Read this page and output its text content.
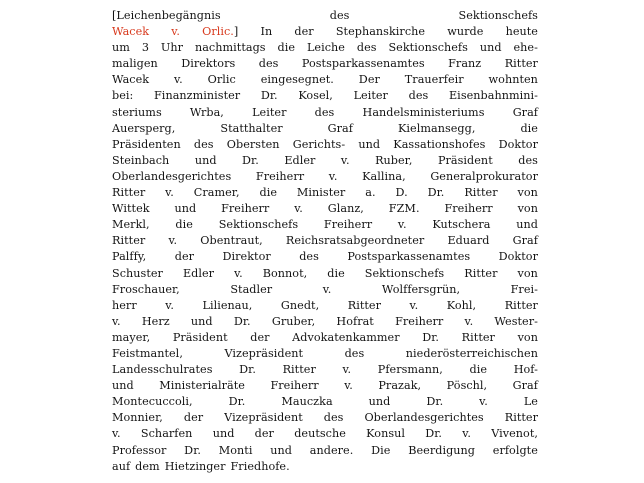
[Leichenbegängnis	des	Sektionschefs
Wacek v. Orlic.] In der Stephanskirche wurde heute
um 3 Uhr nachmittags die Leiche des Sektionschefs und ehe-
maligen Direktors des Postsparkassenamtes Franz Ritter
Wacek v. Orlic eingesegnet. Der Trauerfeir wohnten
bei: Finanzminister Dr. Kosel, Leiter des Eisenbahnmini-
steriums	Wrba,	Leiter	des	Handelsministeriums	Graf
Auersperg,	Statthalter	Graf	Kielmansegg,	die
Präsidenten des Obersten Gerichts- und Kassationshofes Doktor
Steinbach und Dr. Edler v. Ruber, Präsident des
Oberlandesgerichtes Freiherr v. Kallina, Generalprokurator
Ritter v. Cramer, die Minister a. D. Dr. Ritter von
Wittek und Freiherr v. Glanz, FZM. Freiherr von
Merkl, die Sektionschefs Freiherr v. Kutschera und
Ritter v. Obentraut, Reichsratsabgeordneter Eduard Graf
Palffy,	der	Direktor	des	Postsparkassenamtes	Doktor
Schuster Edler v. Bonnot, die Sektionschefs Ritter von
Froschauer,	Stadler	v.	Wolffersgrün,	Frei-
herr	v.	Lilienau,	Gnedt,	Ritter	v.	Kohl,	Ritter
v. Herz und Dr. Gruber, Hofrat Freiherr v. Wester-
mayer, Präsident der Advokatenkammer Dr. Ritter von
Feistmantel,	Vizepräsident	des	niederösterreichischen
Landesschulrates Dr. Ritter v. Pfersmann, die Hof-
und Ministerialräte Freiherr v. Prazak, Pöschl, Graf
Montecuccoli,	Dr.	Mauczka	und	Dr.	v.	Le
Monnier, der Vizepräsident des Oberlandesgerichtes Ritter
v. Scharfen und der deutsche Konsul Dr. v. Vivenot,
Professor Dr. Monti und andere. Die Beerdigung erfolgte
auf dem Hietzinger Friedhofe.
